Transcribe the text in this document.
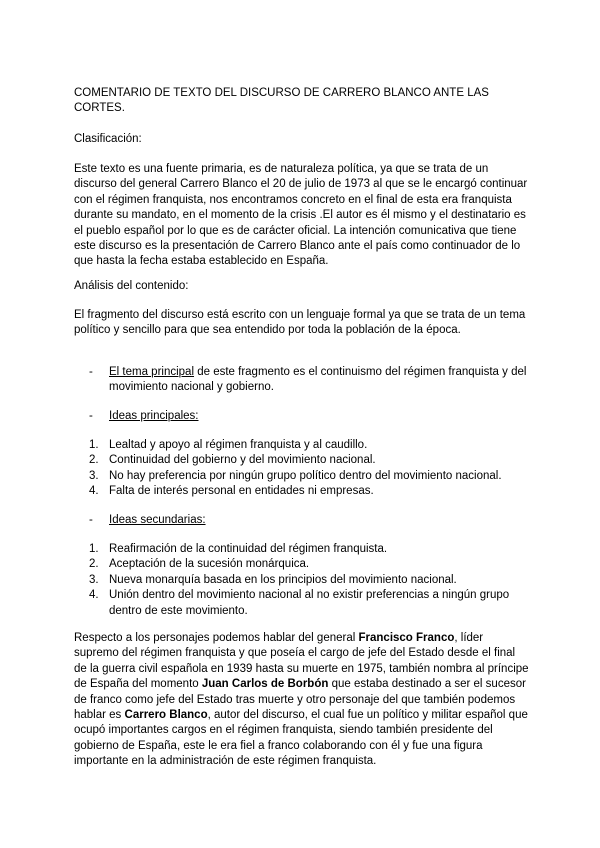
COMENTARIO DE TEXTO DEL DISCURSO DE CARRERO BLANCO ANTE LAS CORTES.

Clasificación:

Este texto es una fuente primaria, es de naturaleza política, ya que se trata de un discurso del general Carrero Blanco el 20 de julio de 1973 al que se le encargó continuar con el régimen franquista, nos encontramos concreto en el final de esta era franquista durante su mandato, en el momento de la crisis .El autor es él mismo y el destinatario es el pueblo español por lo que es de carácter oficial. La intención comunicativa que tiene este discurso es la presentación de Carrero Blanco ante el país como continuador de lo que hasta la fecha estaba establecido en España.

Análisis del contenido:

El fragmento del discurso está escrito con un lenguaje formal ya que se trata de un tema político y sencillo para que sea entendido por toda la población de la época.

- El tema principal de este fragmento es el continuismo del régimen franquista y del movimiento nacional y gobierno.
- Ideas principales:
1. Lealtad y apoyo al régimen franquista y al caudillo.
2. Continuidad del gobierno y del movimiento nacional.
3. No hay preferencia por ningún grupo político dentro del movimiento nacional.
4. Falta de interés personal en entidades ni empresas.
- Ideas secundarias:
1. Reafirmación de la continuidad del régimen franquista.
2. Aceptación de la sucesión monárquica.
3. Nueva monarquía basada en los principios del movimiento nacional.
4. Unión dentro del movimiento nacional al no existir preferencias a ningún grupo dentro de este movimiento.

Respecto a los personajes podemos hablar del general Francisco Franco, líder supremo del régimen franquista y que poseía el cargo de jefe del Estado desde el final de la guerra civil española en 1939 hasta su muerte en 1975, también nombra al príncipe de España del momento Juan Carlos de Borbón que estaba destinado a ser el sucesor de franco como jefe del Estado tras muerte y otro personaje del que también podemos hablar es Carrero Blanco, autor del discurso, el cual fue un político y militar español que ocupó importantes cargos en el régimen franquista, siendo también presidente del gobierno de España, este le era fiel a franco colaborando con él y fue una figura importante en la administración de este régimen franquista.
